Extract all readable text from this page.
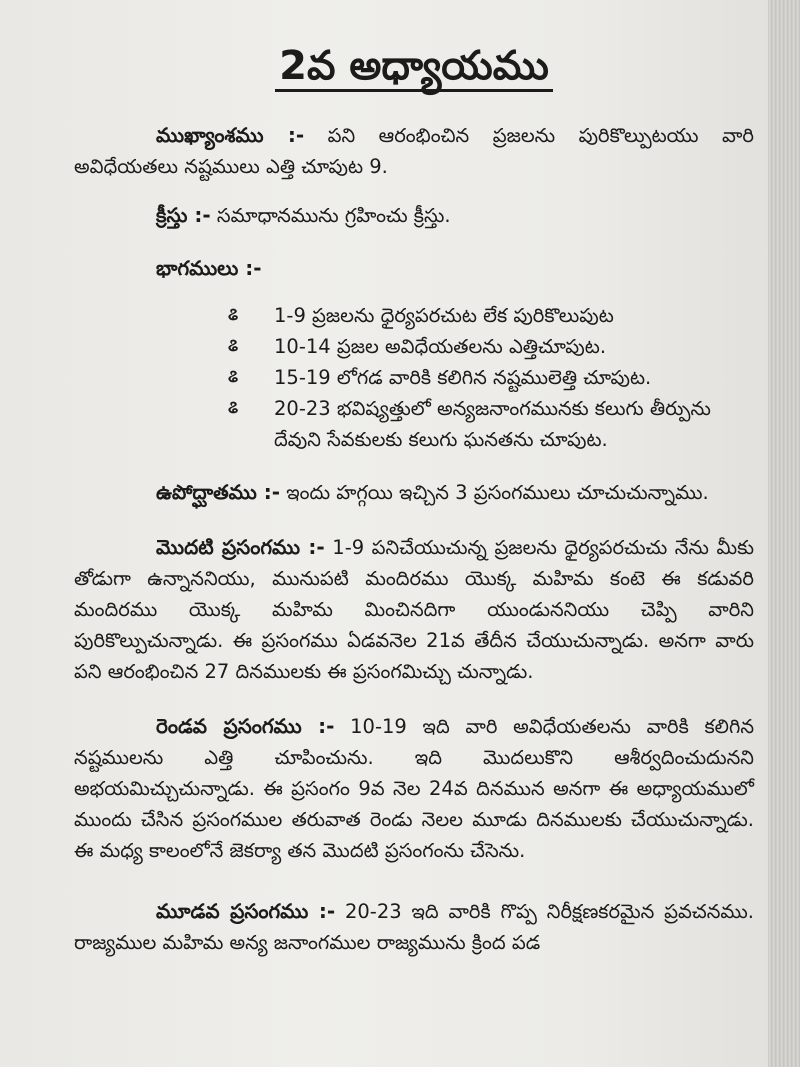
2వ అధ్యాయము

ముఖ్యాంశము :- పని ఆరంభించిన ప్రజలను పురికొల్పుటయు వారి అవిధేయతలు నష్టములు ఎత్తి చూపుట 9.

క్రీస్తు :- సమాధానమును గ్రహించు క్రీస్తు.

భాగములు :-

ଌ	1-9 ప్రజలను ధైర్యపరచుట లేక పురికొలుపుట
ଌ	10-14 ప్రజల అవిధేయతలను ఎత్తిచూపుట.
ଌ	15-19 లోగడ వారికి కలిగిన నష్టములెత్తి చూపుట.
ଌ	20-23 భవిష్యత్తులో అన్యజనాంగమునకు కలుగు తీర్పును దేవుని సేవకులకు కలుగు ఘనతను చూపుట.

ఉపోద్ఘాతము :- ఇందు హగ్గయి ఇచ్చిన 3 ప్రసంగములు చూచుచున్నాము.

మొదటి ప్రసంగము :- 1-9 పనిచేయుచున్న ప్రజలను ధైర్యపరచుచు నేను మీకు తోడుగా ఉన్నాననియు, మునుపటి మందిరము యొక్క మహిమ కంటె ఈ కడువరి మందిరము యొక్క మహిమ మించినదిగా యుండుననియు చెప్పి వారిని పురికొల్పుచున్నాడు. ఈ ప్రసంగము ఏడవనెల 21వ తేదీన చేయుచున్నాడు. అనగా వారు పని ఆరంభించిన 27 దినములకు ఈ ప్రసంగమిచ్చు చున్నాడు.

రెండవ ప్రసంగము :- 10-19 ఇది వారి అవిధేయతలను వారికి కలిగిన నష్టములను ఎత్తి చూపించును. ఇది మొదలుకొని ఆశీర్వదించుదునని అభయమిచ్చుచున్నాడు. ఈ ప్రసంగం 9వ నెల 24వ దినమున అనగా ఈ అధ్యాయములో ముందు చేసిన ప్రసంగముల తరువాత రెండు నెలల మూడు దినములకు చేయుచున్నాడు. ఈ మధ్య కాలంలోనే జెకర్యా తన మొదటి ప్రసంగంను చేసెను.

మూడవ ప్రసంగము :- 20-23 ఇది వారికి గొప్ప నిరీక్షణకరమైన ప్రవచనము. రాజ్యముల మహిమ అన్య జనాంగముల రాజ్యమును క్రింద పడ
